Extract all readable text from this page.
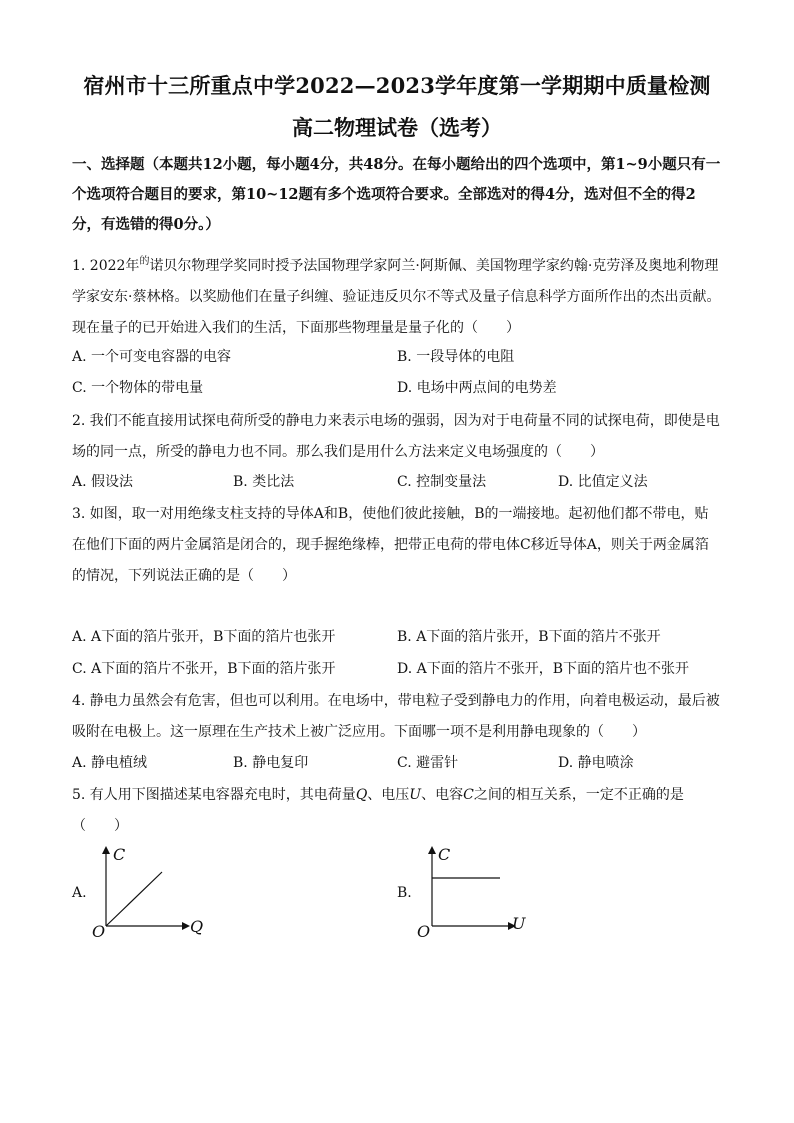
宿州市十三所重点中学2022—2023学年度第一学期期中质量检测
高二物理试卷（选考）
一、选择题（本题共12小题，每小题4分，共48分。在每小题给出的四个选项中，第1~9小题只有一个选项符合题目的要求，第10~12题有多个选项符合要求。全部选对的得4分，选对但不全的得2分，有选错的得0分。）
1. 2022年$^的$诺贝尔物理学奖同时授予法国物理学家阿兰·阿斯佩、美国物理学家约翰·克劳泽及奥地利物理学家安东·蔡林格。以奖励他们在量子纠缠、验证违反贝尔不等式及量子信息科学方面所作出的杰出贡献。现在量子的已开始进入我们的生活，下面那些物理量是量子化的（　　）
A. 一个可变电容器的电容	B. 一段导体的电阻
C. 一个物体的带电量	D. 电场中两点间的电势差
2. 我们不能直接用试探电荷所受的静电力来表示电场的强弱，因为对于电荷量不同的试探电荷，即使是电场的同一点，所受的静电力也不同。那么我们是用什么方法来定义电场强度的（　　）
A. 假设法	B. 类比法	C. 控制变量法	D. 比值定义法
3. 如图，取一对用绝缘支柱支持的导体A和B，使他们彼此接触，B的一端接地。起初他们都不带电，贴在他们下面的两片金属箔是闭合的，现手握绝缘棒，把带正电荷的带电体C移近导体A，则关于两金属箔的情况，下列说法正确的是（　　）
A. A下面的箔片张开，B下面的箔片也张开	B. A下面的箔片张开，B下面的箔片不张开
C. A下面的箔片不张开，B下面的箔片张开	D. A下面的箔片不张开，B下面的箔片也不张开
4. 静电力虽然会有危害，但也可以利用。在电场中，带电粒子受到静电力的作用，向着电极运动，最后被吸附在电极上。这一原理在生产技术上被广泛应用。下面哪一项不是利用静电现象的（　　）
A. 静电植绒	B. 静电复印	C. 避雷针	D. 静电喷涂
5. 有人用下图描述某电容器充电时，其电荷量Q、电压U、电容C之间的相互关系，一定不正确的是
（　　）
A.
C
Q
O
B.
C
U
O
